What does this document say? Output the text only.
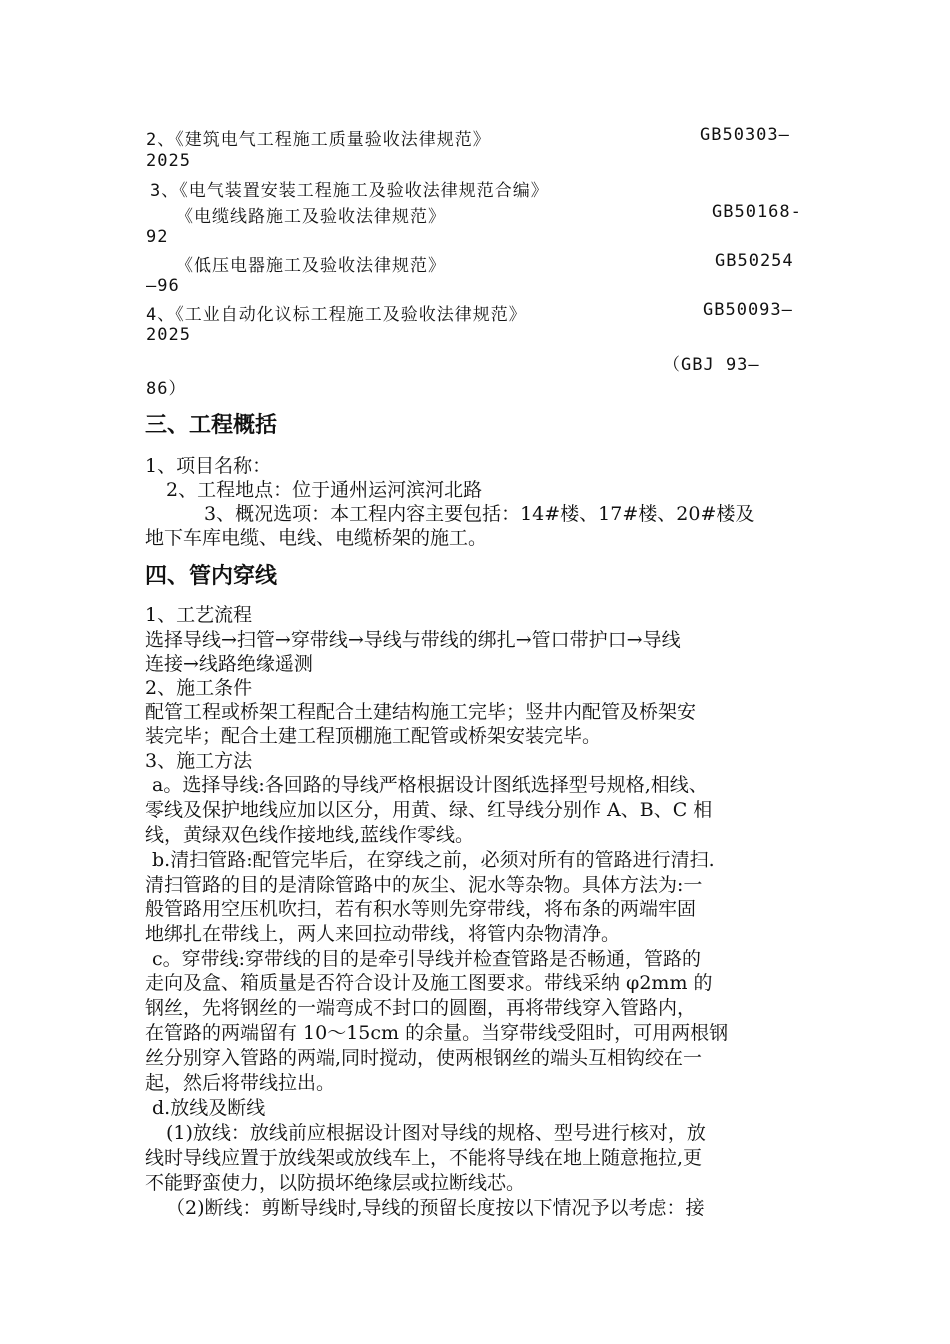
2、《建筑电气工程施工质量验收法律规范》	GB50303—
2025
3、《电气装置安装工程施工及验收法律规范合编》
《电缆线路施工及验收法律规范》	GB50168-
92
《低压电器施工及验收法律规范》	GB50254
—96
4、《工业自动化议标工程施工及验收法律规范》	GB50093—
2025
（GBJ 93—
86）
三、工程概括
1、项目名称：
2、工程地点：位于通州运河滨河北路
3、概况选项：本工程内容主要包括：14#楼、17#楼、20#楼及
地下车库电缆、电线、电缆桥架的施工。
四、管内穿线
1、工艺流程
选择导线→扫管→穿带线→导线与带线的绑扎→管口带护口→导线
连接→线路绝缘遥测
2、施工条件
配管工程或桥架工程配合土建结构施工完毕；竖井内配管及桥架安
装完毕；配合土建工程顶棚施工配管或桥架安装完毕。
3、施工方法
a。选择导线:各回路的导线严格根据设计图纸选择型号规格,相线、
零线及保护地线应加以区分，用黄、绿、红导线分别作 A、B、C 相
线，黄绿双色线作接地线,蓝线作零线。
b.清扫管路:配管完毕后，在穿线之前，必须对所有的管路进行清扫.
清扫管路的目的是清除管路中的灰尘、泥水等杂物。具体方法为:一
般管路用空压机吹扫，若有积水等则先穿带线，将布条的两端牢固
地绑扎在带线上，两人来回拉动带线，将管内杂物清净。
c。穿带线:穿带线的目的是牵引导线并检查管路是否畅通，管路的
走向及盒、箱质量是否符合设计及施工图要求。带线采纳 φ2mm 的
钢丝，先将钢丝的一端弯成不封口的圆圈，再将带线穿入管路内，
在管路的两端留有 10～15cm 的余量。当穿带线受阻时，可用两根钢
丝分别穿入管路的两端,同时搅动，使两根钢丝的端头互相钩绞在一
起，然后将带线拉出。
d.放线及断线
(1)放线：放线前应根据设计图对导线的规格、型号进行核对，放
线时导线应置于放线架或放线车上，不能将导线在地上随意拖拉,更
不能野蛮使力，以防损坏绝缘层或拉断线芯。
（2)断线：剪断导线时,导线的预留长度按以下情况予以考虑：接
